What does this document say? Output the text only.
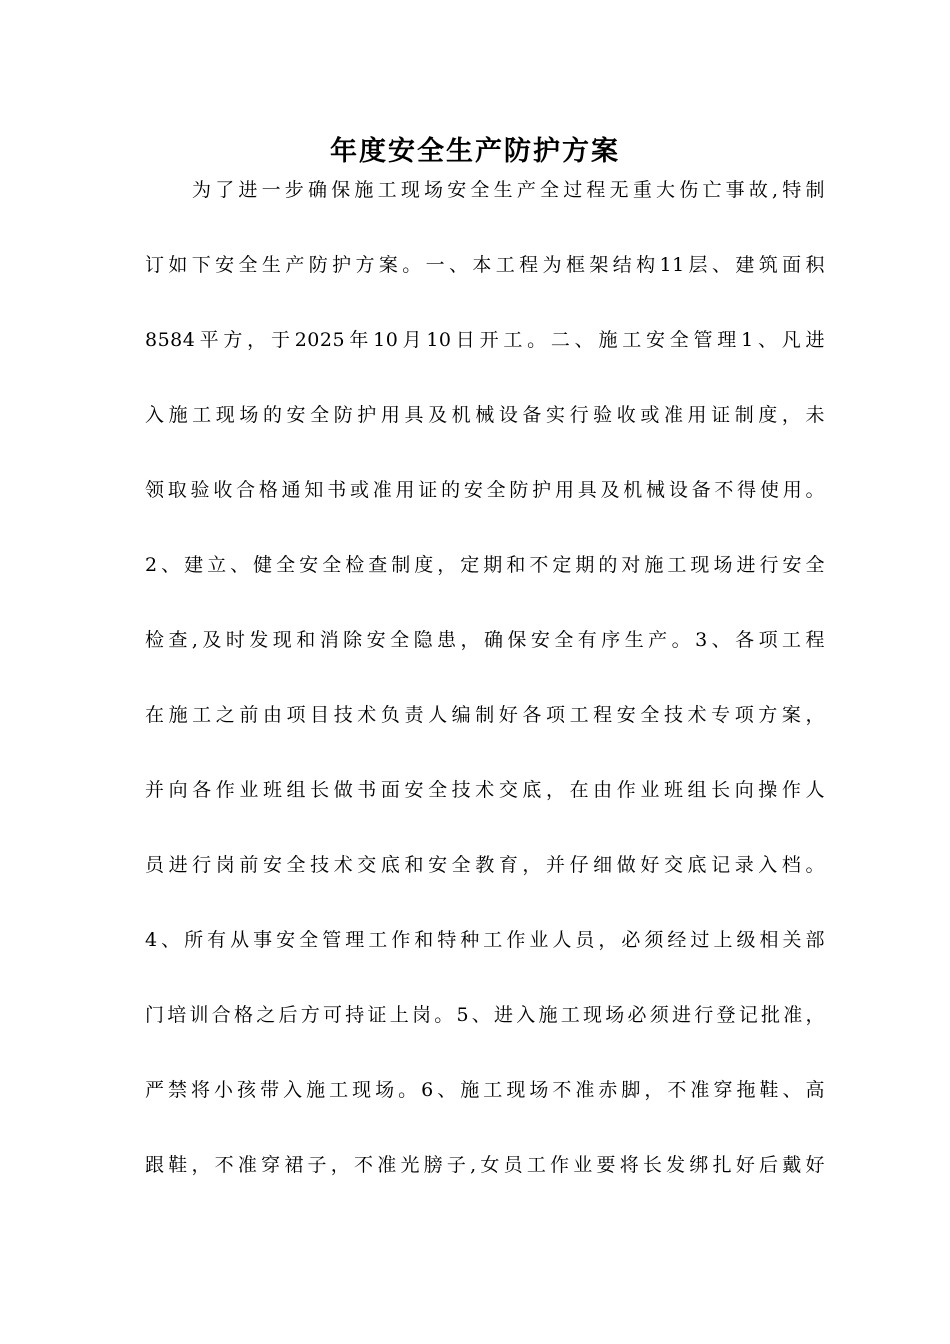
年度安全生产防护方案
为了进一步确保施工现场安全生产全过程无重大伤亡事故,特制
订如下安全生产防护方案。一、本工程为框架结构11层、建筑面积
8584平方，于2025年10月10日开工。二、施工安全管理1、凡进
入施工现场的安全防护用具及机械设备实行验收或准用证制度，未
领取验收合格通知书或准用证的安全防护用具及机械设备不得使用。
2、建立、健全安全检查制度，定期和不定期的对施工现场进行安全
检查,及时发现和消除安全隐患，确保安全有序生产。3、各项工程
在施工之前由项目技术负责人编制好各项工程安全技术专项方案，
并向各作业班组长做书面安全技术交底，在由作业班组长向操作人
员进行岗前安全技术交底和安全教育，并仔细做好交底记录入档。
4、所有从事安全管理工作和特种工作业人员，必须经过上级相关部
门培训合格之后方可持证上岗。5、进入施工现场必须进行登记批准，
严禁将小孩带入施工现场。6、施工现场不准赤脚，不准穿拖鞋、高
跟鞋，不准穿裙子，不准光膀子,女员工作业要将长发绑扎好后戴好
